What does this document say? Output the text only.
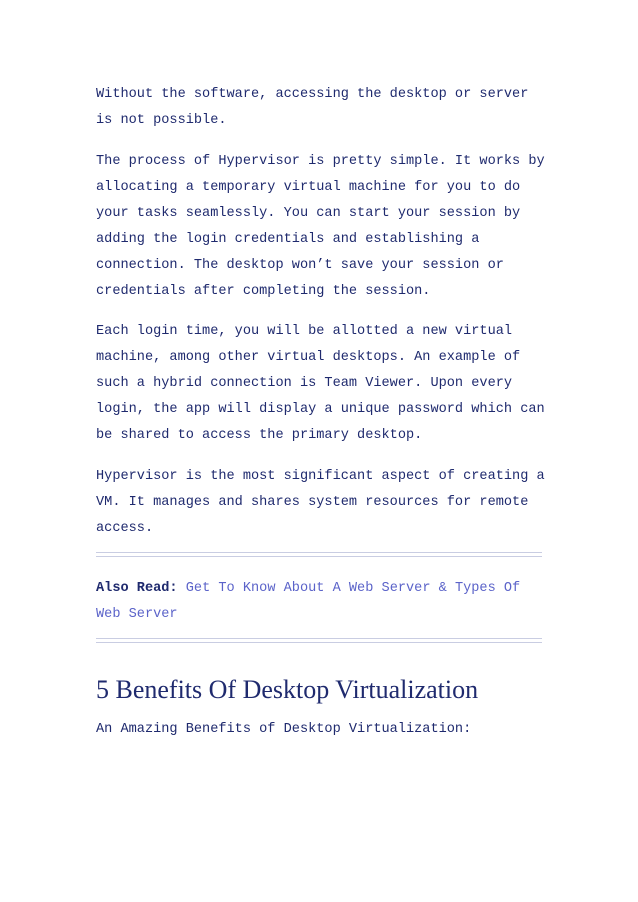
Without the software, accessing the desktop or server
is not possible.

The process of Hypervisor is pretty simple. It works by
allocating a temporary virtual machine for you to do
your tasks seamlessly. You can start your session by
adding the login credentials and establishing a
connection. The desktop won’t save your session or
credentials after completing the session.

Each login time, you will be allotted a new virtual
machine, among other virtual desktops. An example of
such a hybrid connection is Team Viewer. Upon every
login, the app will display a unique password which can
be shared to access the primary desktop.

Hypervisor is the most significant aspect of creating a
VM. It manages and shares system resources for remote
access.

Also Read: Get To Know About A Web Server & Types Of
Web Server

5 Benefits Of Desktop Virtualization

An Amazing Benefits of Desktop Virtualization:
